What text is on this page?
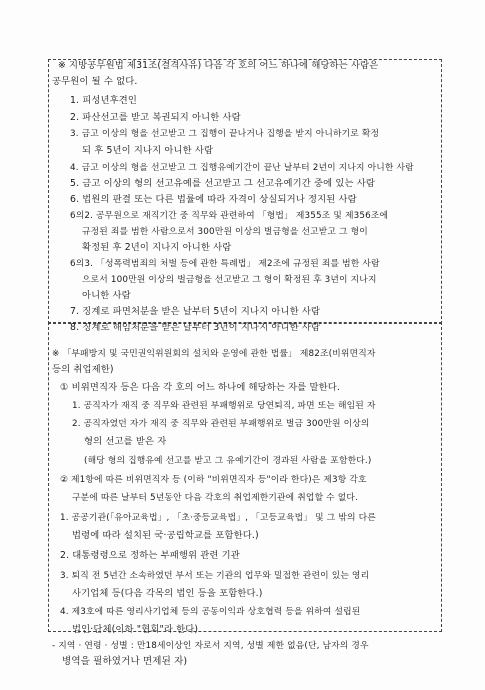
※ 지방공무원법 제31조(결격사유) 다음 각 호의 어느 하나에 해당하는 사람은
공무원이 될 수 없다.
1. 피성년후견인
2. 파산선고를 받고 복권되지 아니한 사람
3. 금고 이상의 형을 선고받고 그 집행이 끝나거나 집행을 받지 아니하기로 확정
되 후 5년이 지나지 아니한 사람
4. 금고 이상의 형을 선고받고 그 집행유예기간이 끝난 날부터 2년이 지나지 아니한 사람
5. 금고 이상의 형의 선고유예를 선고받고 그 선고유예기간 중에 있는 사람
6. 법원의 판결 또는 다른 법률에 따라 자격이 상실되거나 정지된 사람
6의2. 공무원으로 재직기간 중 직무와 관련하여 「형법」 제355조 및 제356조에
규정된 죄를 범한 사람으로서 300만원 이상의 벌금형을 선고받고 그 형이
확정된 후 2년이 지나지 아니한 사람
6의3. 「성폭력범죄의 처벌 등에 관한 특례법」 제2조에 규정된 죄를 범한 사람
으로서 100만원 이상의 벌금형을 선고받고 그 형이 확정된 후 3년이 지나지
아니한 사람
7. 징계로 파면처분을 받은 날부터 5년이 지나지 아니한 사람
8. 징계로 해임처분을 받은 날부터 3년이 지나지 아니한 사람
※ 「부패방지 및 국민권익위원회의 설치와 운영에 관한 법률」 제82조(비위면직자
등의 취업제한)
① 비위면직자 등은 다음 각 호의 어느 하나에 해당하는 자를 말한다.
1. 공직자가 재직 중 직무와 관련된 부패행위로 당연퇴직, 파면 또는 해임된 자
2. 공직자였던 자가 재직 중 직무와 관련된 부패행위로 벌금 300만원 이상의
형의 선고를 받은 자
(해당 형의 집행유예 선고를 받고 그 유예기간이 경과된 사람을 포함한다.)
② 제1항에 따른 비위면직자 등 (이하 "비위면직자 등"이라 한다)은 제3항 각호
구분에 따른 날부터 5년동안 다음 각호의 취업제한기관에 취업할 수 없다.
1. 공공기관(「유아교육법」, 「초·중등교육법」, 「고등교육법」 및 그 밖의 다른
법령에 따라 설치된 국·공립학교를 포함한다.)
2. 대통령령으로 정하는 부패행위 관련 기관
3. 퇴직 전 5년간 소속하였던 부서 또는 기관의 업무와 밀접한 관련이 있는 영리
사기업체 등(다음 각목의 법인 등을 포함한다.)
4. 제3호에 따른 영리사기업체 등의 공동이익과 상호협력 등을 위하여 설립된
법인·단체(이하 "협회"라 한다)
- 지역 · 연령 · 성별 : 만18세이상인 자로서 지역, 성별 제한 없음(단, 남자의 경우
병역을 필하였거나 면제된 자)
